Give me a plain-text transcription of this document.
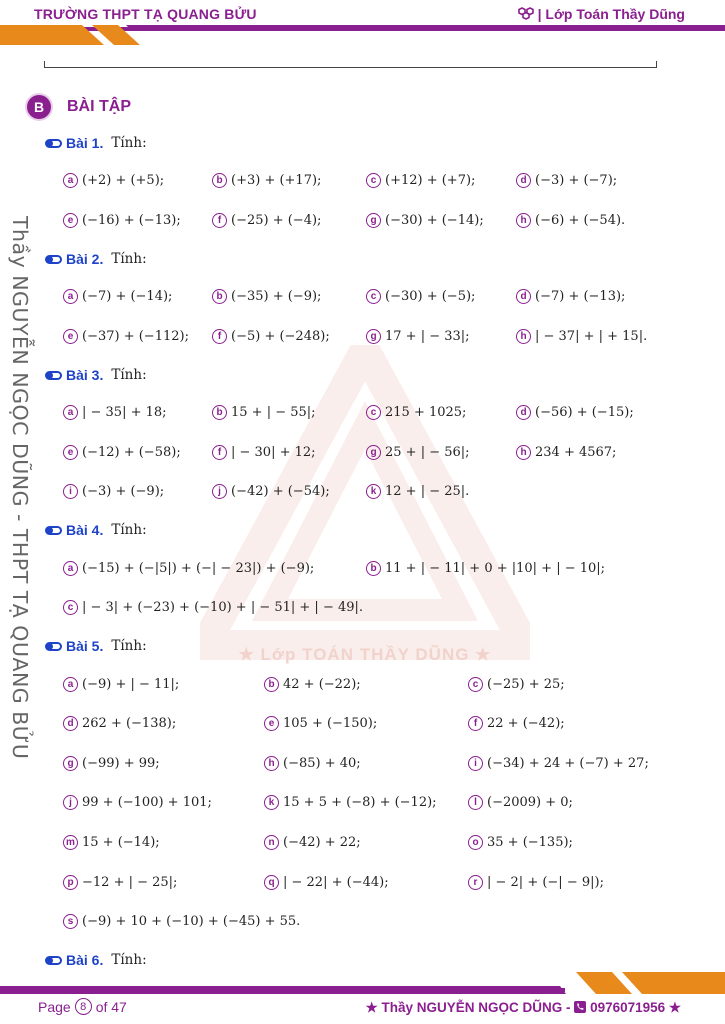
TRƯỜNG THPT TẠ QUANG BỬU	| Lớp Toán Thầy Dũng
Thầy NGUYỄN NGỌC DŨNG - THPT TẠ QUANG BỬU	★ Lớp TOÁN THẦY DŨNG ★
B	BÀI TẬP
Bài 1. Tính:
Bài 2. Tính:
Bài 3. Tính:
Bài 4. Tính:
Bài 5. Tính:
Bài 6. Tính:
a (+2) + (+5);	b (+3) + (+17);	c (+12) + (+7);	d (−3) + (−7);
e (−16) + (−13);	f (−25) + (−4);	g (−30) + (−14);	h (−6) + (−54).
a (−7) + (−14);	b (−35) + (−9);	c (−30) + (−5);	d (−7) + (−13);
e (−37) + (−112);	f (−5) + (−248);	g 17 + | − 33|;	h | − 37| + | + 15|.
a | − 35| + 18;	b 15 + | − 55|;	c 215 + 1025;	d (−56) + (−15);
e (−12) + (−58);	f | − 30| + 12;	g 25 + | − 56|;	h 234 + 4567;
i (−3) + (−9);	j (−42) + (−54);	k 12 + | − 25|.
a (−15) + (−|5|) + (−| − 23|) + (−9);	b 11 + | − 11| + 0 + |10| + | − 10|;
c | − 3| + (−23) + (−10) + | − 51| + | − 49|.
a (−9) + | − 11|;	b 42 + (−22);	c (−25) + 25;
d 262 + (−138);	e 105 + (−150);	f 22 + (−42);
g (−99) + 99;	h (−85) + 40;	i (−34) + 24 + (−7) + 27;
j 99 + (−100) + 101;	k 15 + 5 + (−8) + (−12);	l (−2009) + 0;
m 15 + (−14);	n (−42) + 22;	o 35 + (−135);
p −12 + | − 25|;	q | − 22| + (−44);	r | − 2| + (−| − 9|);
s (−9) + 10 + (−10) + (−45) + 55.
Page 8 of 47	★ Thầy NGUYỄN NGỌC DŨNG -  0976071956 ★
